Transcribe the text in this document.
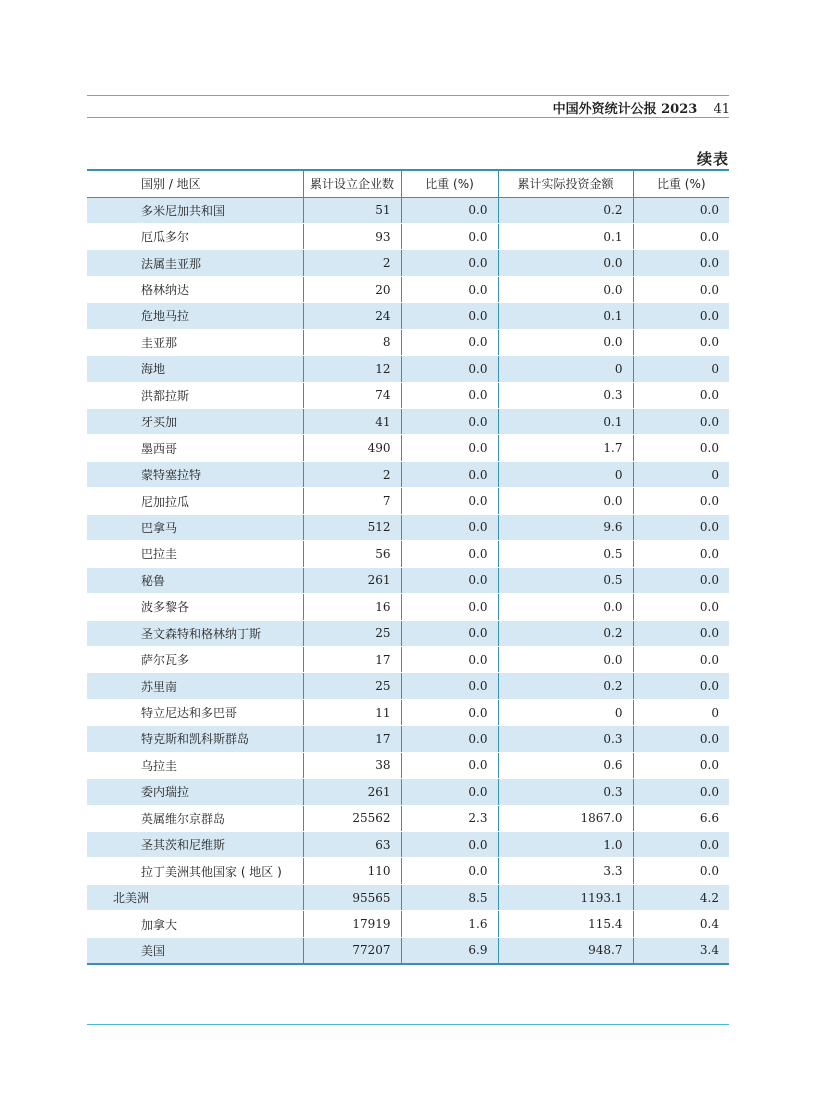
中国外资统计公报 2023 41
续表
国别 / 地区	累计设立企业数	比重 (%)	累计实际投资金额	比重 (%)
多米尼加共和国	51	0.0	0.2	0.0
厄瓜多尔	93	0.0	0.1	0.0
法属圭亚那	2	0.0	0.0	0.0
格林纳达	20	0.0	0.0	0.0
危地马拉	24	0.0	0.1	0.0
圭亚那	8	0.0	0.0	0.0
海地	12	0.0	0	0
洪都拉斯	74	0.0	0.3	0.0
牙买加	41	0.0	0.1	0.0
墨西哥	490	0.0	1.7	0.0
蒙特塞拉特	2	0.0	0	0
尼加拉瓜	7	0.0	0.0	0.0
巴拿马	512	0.0	9.6	0.0
巴拉圭	56	0.0	0.5	0.0
秘鲁	261	0.0	0.5	0.0
波多黎各	16	0.0	0.0	0.0
圣文森特和格林纳丁斯	25	0.0	0.2	0.0
萨尔瓦多	17	0.0	0.0	0.0
苏里南	25	0.0	0.2	0.0
特立尼达和多巴哥	11	0.0	0	0
特克斯和凯科斯群岛	17	0.0	0.3	0.0
乌拉圭	38	0.0	0.6	0.0
委内瑞拉	261	0.0	0.3	0.0
英属维尔京群岛	25562	2.3	1867.0	6.6
圣其茨和尼维斯	63	0.0	1.0	0.0
拉丁美洲其他国家 ( 地区 )	110	0.0	3.3	0.0
北美洲	95565	8.5	1193.1	4.2
加拿大	17919	1.6	115.4	0.4
美国	77207	6.9	948.7	3.4
